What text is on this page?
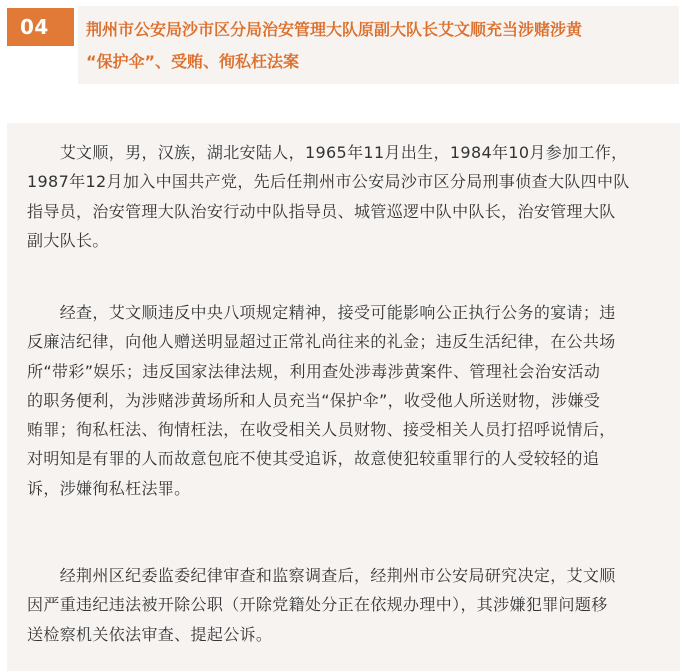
04	荆州市公安局沙市区分局治安管理大队原副大队长艾文顺充当涉赌涉黄
“保护伞”、受贿、徇私枉法案

　　艾文顺，男，汉族，湖北安陆人，1965年11月出生，1984年10月参加工作，
1987年12月加入中国共产党，先后任荆州市公安局沙市区分局刑事侦查大队四中队
指导员，治安管理大队治安行动中队指导员、城管巡逻中队中队长，治安管理大队
副大队长。

　　经查，艾文顺违反中央八项规定精神，接受可能影响公正执行公务的宴请；违
反廉洁纪律，向他人赠送明显超过正常礼尚往来的礼金；违反生活纪律，在公共场
所“带彩”娱乐；违反国家法律法规，利用查处涉毒涉黄案件、管理社会治安活动
的职务便利，为涉赌涉黄场所和人员充当“保护伞”，收受他人所送财物，涉嫌受
贿罪；徇私枉法、徇情枉法，在收受相关人员财物、接受相关人员打招呼说情后，
对明知是有罪的人而故意包庇不使其受追诉，故意使犯较重罪行的人受较轻的追
诉，涉嫌徇私枉法罪。

　　经荆州区纪委监委纪律审查和监察调查后，经荆州市公安局研究决定，艾文顺
因严重违纪违法被开除公职（开除党籍处分正在依规办理中），其涉嫌犯罪问题移
送检察机关依法审查、提起公诉。
